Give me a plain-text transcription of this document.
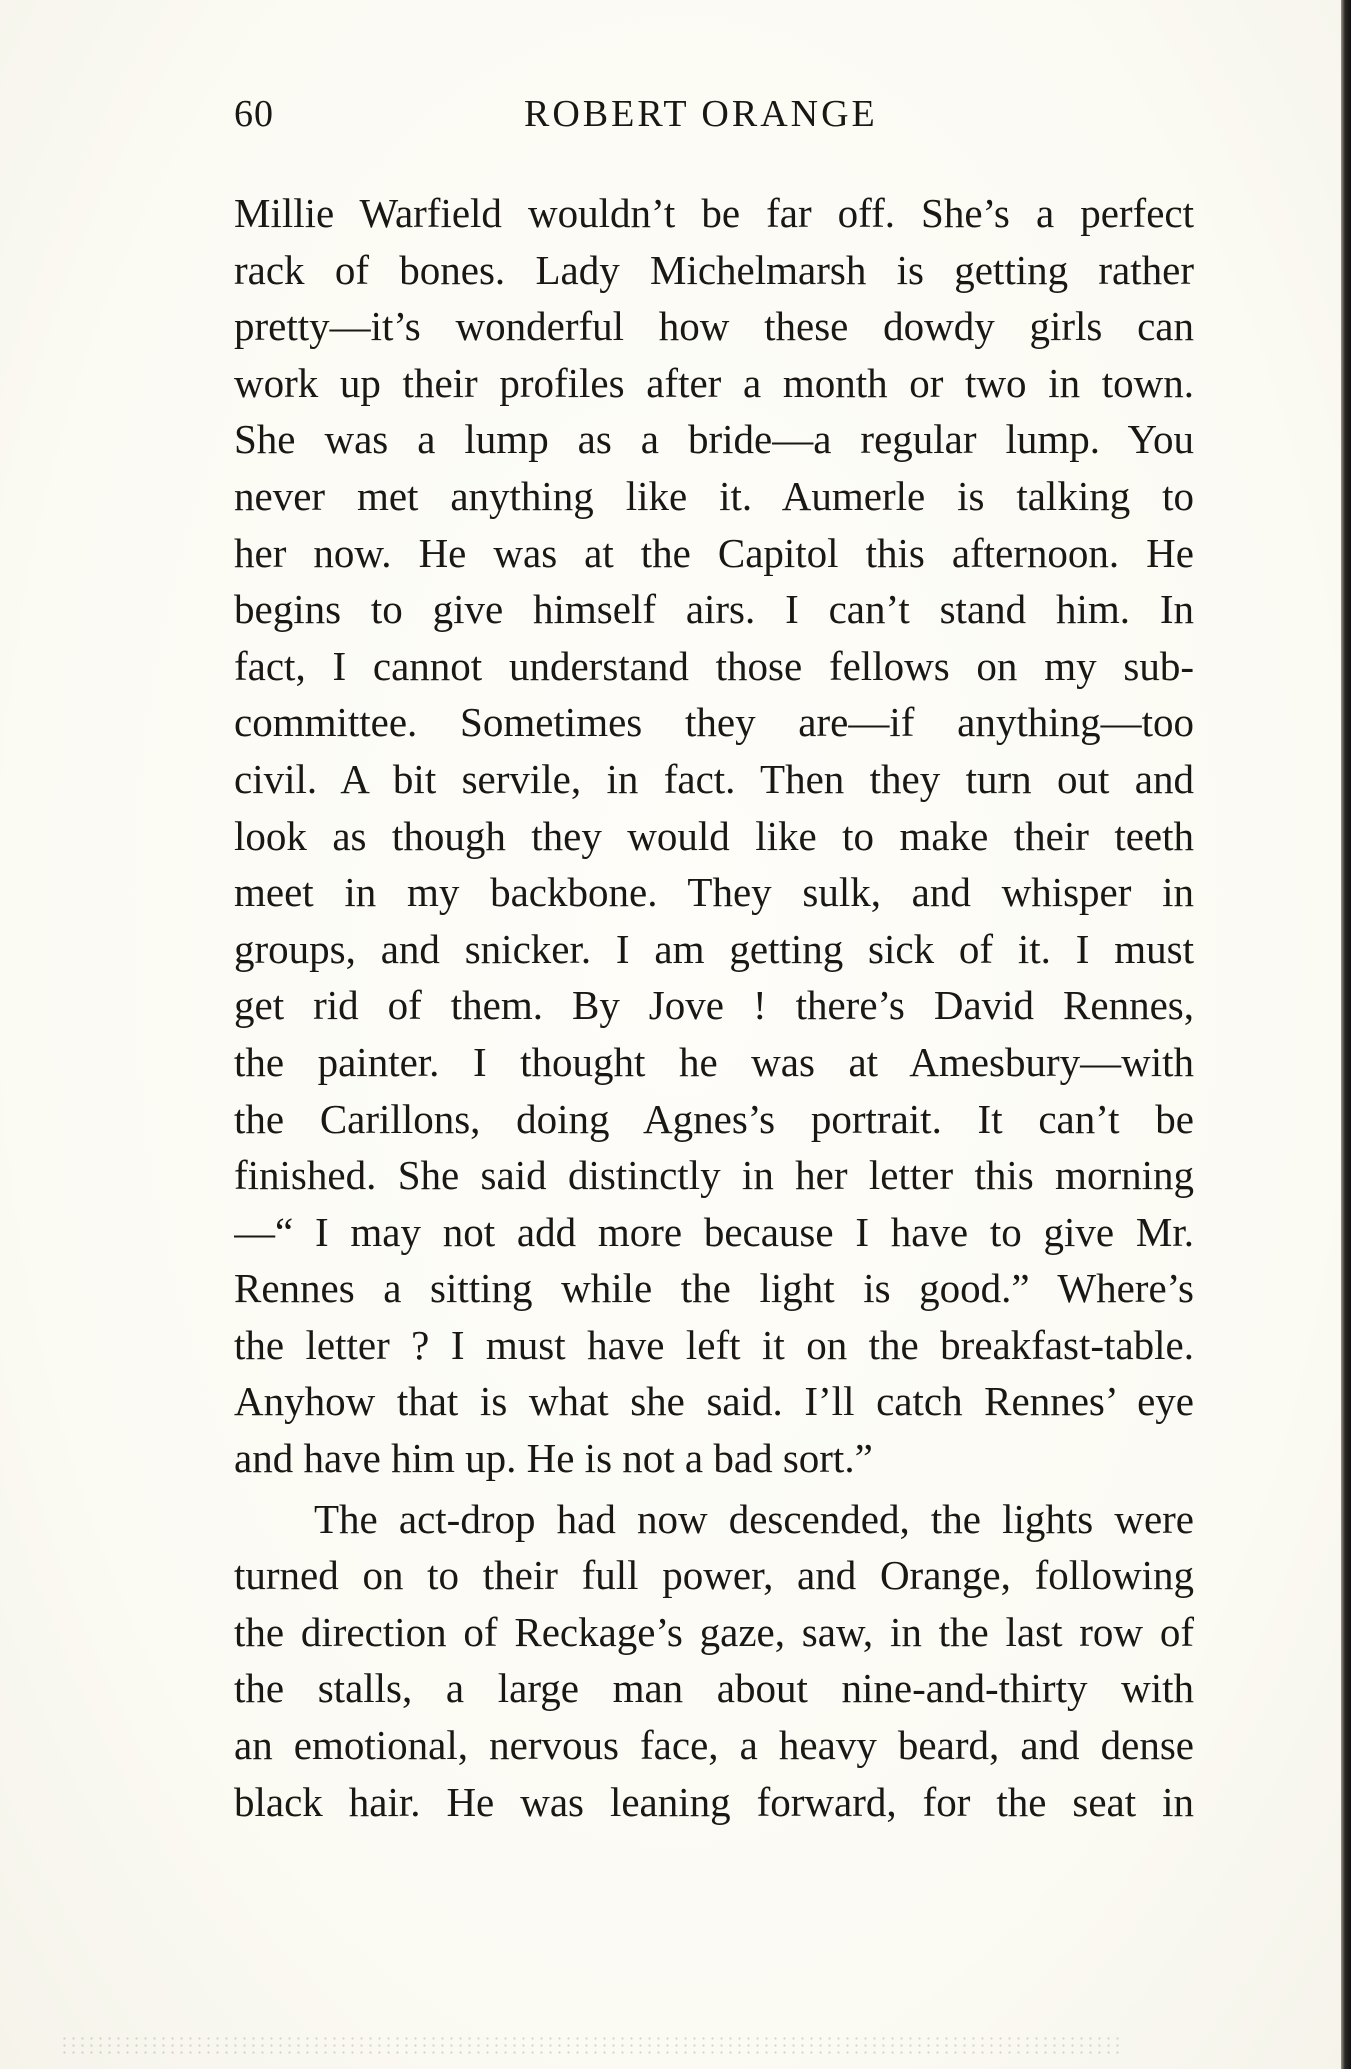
60	ROBERT ORANGE
Millie Warfield wouldn’t be far off. She’s a perfect
rack of bones. Lady Michelmarsh is getting rather
pretty—it’s wonderful how these dowdy girls can
work up their profiles after a month or two in town.
She was a lump as a bride—a regular lump. You
never met anything like it. Aumerle is talking to
her now. He was at the Capitol this afternoon. He
begins to give himself airs. I can’t stand him. In
fact, I cannot understand those fellows on my sub-
committee. Sometimes they are—if anything—too
civil. A bit servile, in fact. Then they turn out and
look as though they would like to make their teeth
meet in my backbone. They sulk, and whisper in
groups, and snicker. I am getting sick of it. I must
get rid of them. By Jove ! there’s David Rennes,
the painter. I thought he was at Amesbury—with
the Carillons, doing Agnes’s portrait. It can’t be
finished. She said distinctly in her letter this morning
—“ I may not add more because I have to give Mr.
Rennes a sitting while the light is good.” Where’s
the letter ? I must have left it on the breakfast-table.
Anyhow that is what she said. I’ll catch Rennes’ eye
and have him up. He is not a bad sort.”
The act-drop had now descended, the lights were
turned on to their full power, and Orange, following
the direction of Reckage’s gaze, saw, in the last row of
the stalls, a large man about nine-and-thirty with
an emotional, nervous face, a heavy beard, and dense
black hair. He was leaning forward, for the seat in
